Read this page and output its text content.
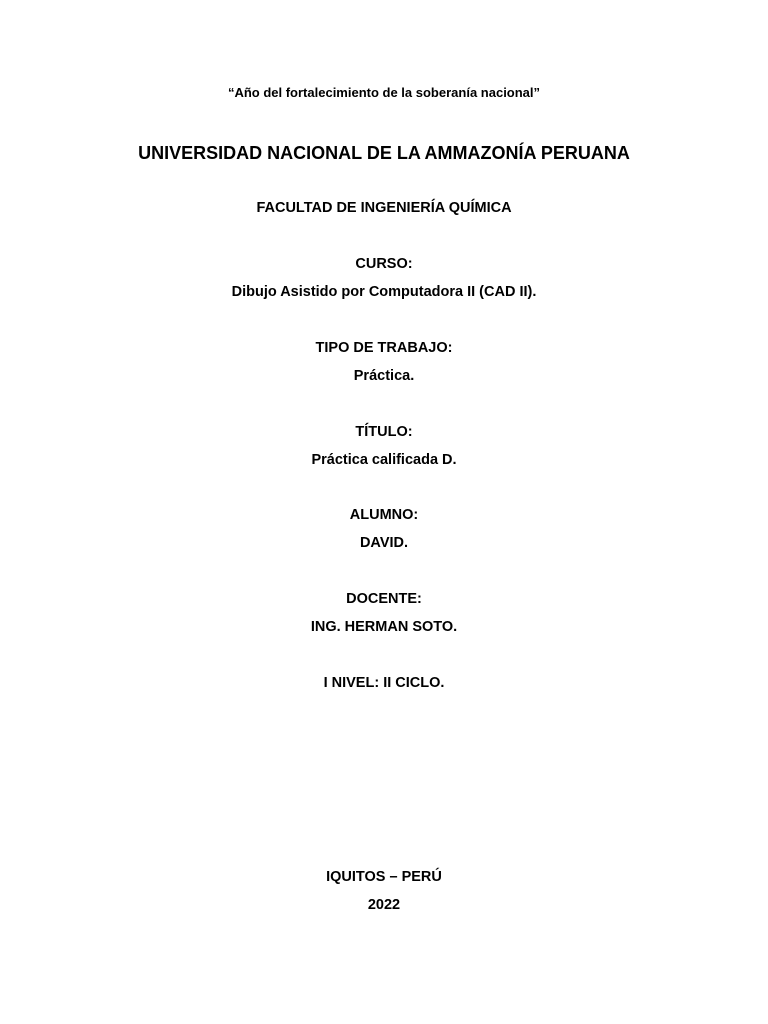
“Año del fortalecimiento de la soberanía nacional”
UNIVERSIDAD NACIONAL DE LA AMMAZONÍA PERUANA
FACULTAD DE INGENIERÍA QUÍMICA
CURSO:
Dibujo Asistido por Computadora II (CAD II).
TIPO DE TRABAJO:
Práctica.
TÍTULO:
Práctica calificada D.
ALUMNO:
DAVID.
DOCENTE:
ING. HERMAN SOTO.
I NIVEL: II CICLO.
IQUITOS – PERÚ
2022
